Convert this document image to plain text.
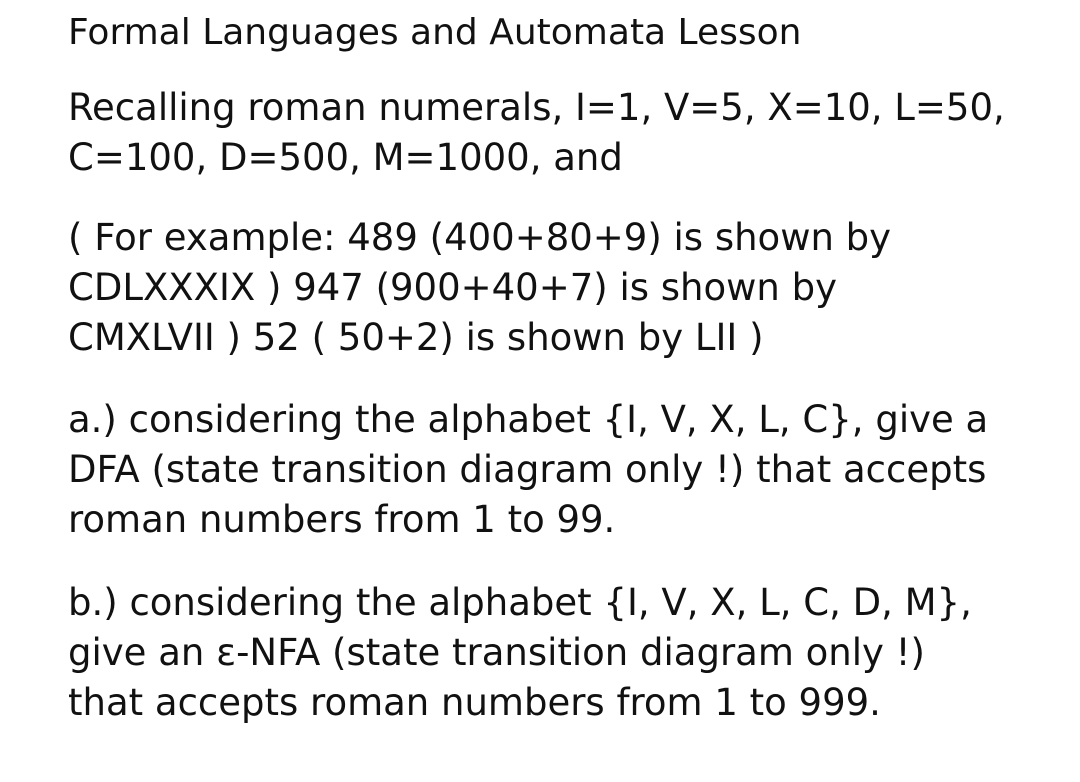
Formal Languages and Automata Lesson
Recalling roman numerals, I=1, V=5, X=10, L=50,
C=100, D=500, M=1000, and
( For example: 489 (400+80+9) is shown by
CDLXXXIX ) 947 (900+40+7) is shown by
CMXLVII ) 52 ( 50+2) is shown by LII )
a.) considering the alphabet {I, V, X, L, C}, give a
DFA (state transition diagram only !) that accepts
roman numbers from 1 to 99.
b.) considering the alphabet {I, V, X, L, C, D, M},
give an ε-NFA (state transition diagram only !)
that accepts roman numbers from 1 to 999.
